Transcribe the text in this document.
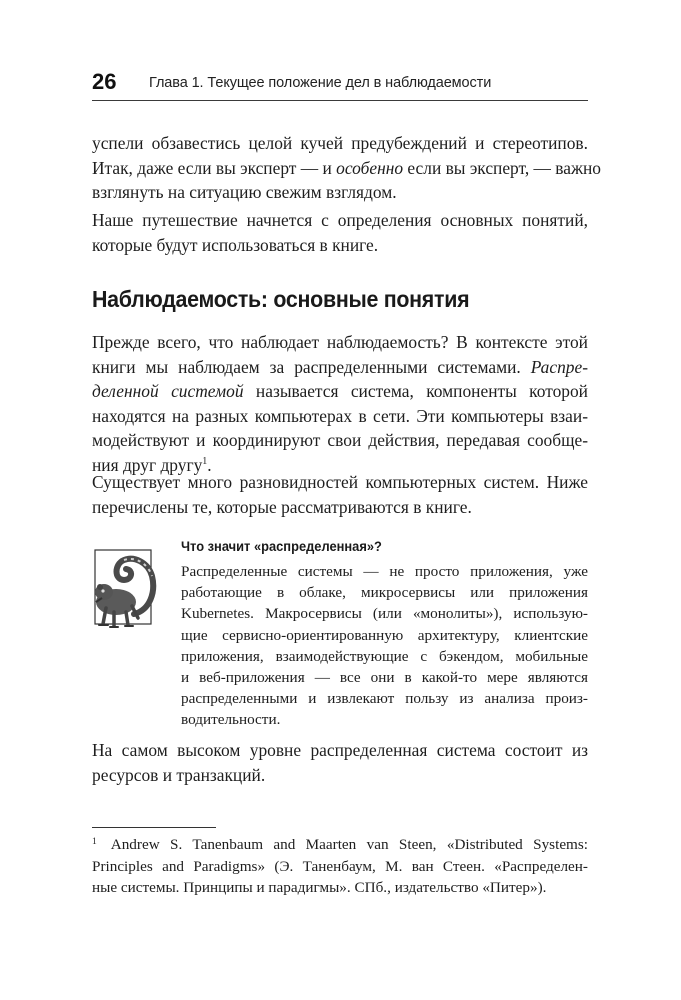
26 Глава 1. Текущее положение дел в наблюдаемости

успели обзавестись целой кучей предубеждений и стереотипов.
Итак, даже если вы эксперт — и особенно если вы эксперт, — важно
взглянуть на ситуацию свежим взглядом.

Наше путешествие начнется с определения основных понятий,
которые будут использоваться в книге.

Наблюдаемость: основные понятия

Прежде всего, что наблюдает наблюдаемость? В контексте этой
книги мы наблюдаем за распределенными системами. Распре-
деленной системой называется система, компоненты которой
находятся на разных компьютерах в сети. Эти компьютеры взаи-
модействуют и координируют свои действия, передавая сообще-
ния друг другу$^1$.

Существует много разновидностей компьютерных систем. Ниже
перечислены те, которые рассматриваются в книге.

Что значит «распределенная»?

Распределенные системы — не просто приложения, уже
работающие в облаке, микросервисы или приложения
Kubernetes. Макросервисы (или «монолиты»), использую-
щие сервисно-ориентированную архитектуру, клиентские
приложения, взаимодействующие с бэкендом, мобильные
и веб-приложения — все они в какой-то мере являются
распределенными и извлекают пользу из анализа произ-
водительности.

На самом высоком уровне распределенная система состоит из
ресурсов и транзакций.

$^1$ Andrew S. Tanenbaum and Maarten van Steen, «Distributed Systems:
Principles and Paradigms» (Э. Таненбаум, М. ван Стеен. «Распределен-
ные системы. Принципы и парадигмы». СПб., издательство «Питер»).
